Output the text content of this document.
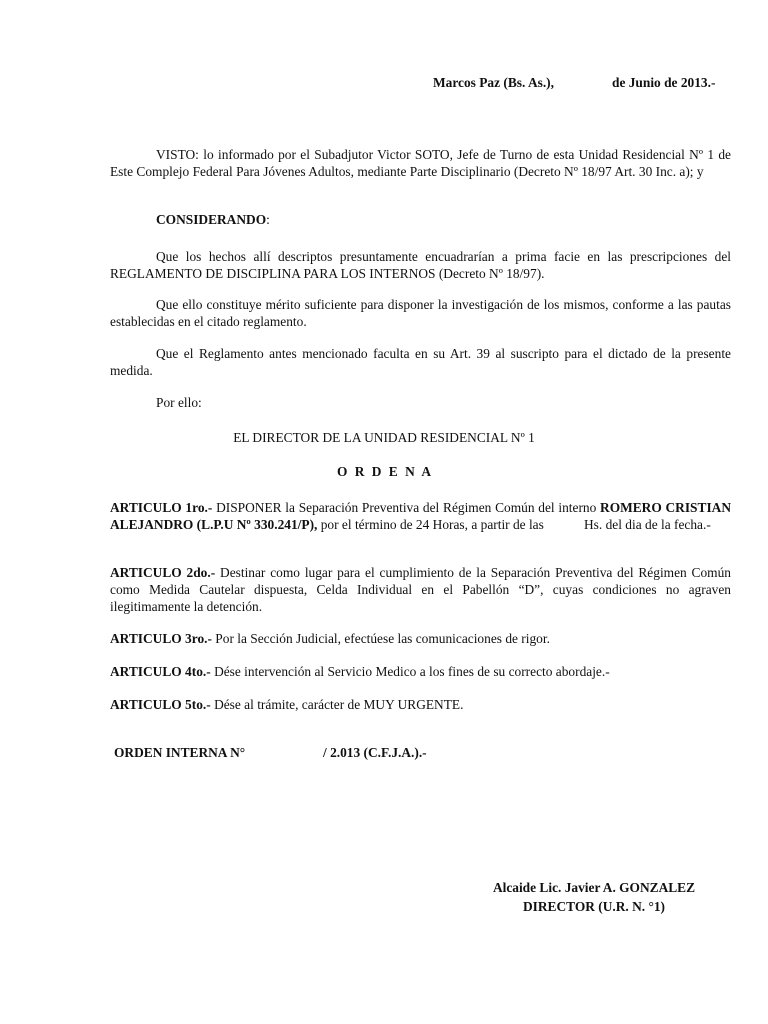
Marcos Paz (Bs. As.),	de Junio de 2013.-

VISTO: lo informado por el Subadjutor Victor SOTO, Jefe de Turno de esta Unidad Residencial Nº 1 de Este Complejo Federal Para Jóvenes Adultos, mediante Parte Disciplinario (Decreto Nº 18/97 Art. 30 Inc. a); y

CONSIDERANDO:

Que los hechos allí descriptos presuntamente encuadrarían a prima facie en las prescripciones del REGLAMENTO DE DISCIPLINA PARA LOS INTERNOS (Decreto Nº 18/97).

Que ello constituye mérito suficiente para disponer la investigación de los mismos, conforme a las pautas establecidas en el citado reglamento.

Que el Reglamento antes mencionado faculta en su Art. 39 al suscripto para el dictado de la presente medida.

Por ello:
EL DIRECTOR DE LA UNIDAD RESIDENCIAL Nº 1
O R D E N A

ARTICULO 1ro.- DISPONER la Separación Preventiva del Régimen Común del interno ROMERO CRISTIAN ALEJANDRO (L.P.U Nº 330.241/P), por el término de 24 Horas, a partir de las            Hs. del dia de la fecha.-

ARTICULO 2do.- Destinar como lugar para el cumplimiento de la Separación Preventiva del Régimen Común como Medida Cautelar dispuesta, Celda Individual en el Pabellón “D”, cuyas condiciones no agraven ilegitimamente la detención.

ARTICULO 3ro.- Por la Sección Judicial, efectúese las comunicaciones de rigor.

ARTICULO 4to.- Dése intervención al Servicio Medico a los fines de su correcto abordaje.-

ARTICULO 5to.- Dése al trámite, carácter de MUY URGENTE.

ORDEN INTERNA N°	/ 2.013 (C.F.J.A.).-
Alcaide Lic. Javier A. GONZALEZ
DIRECTOR (U.R. N. °1)
